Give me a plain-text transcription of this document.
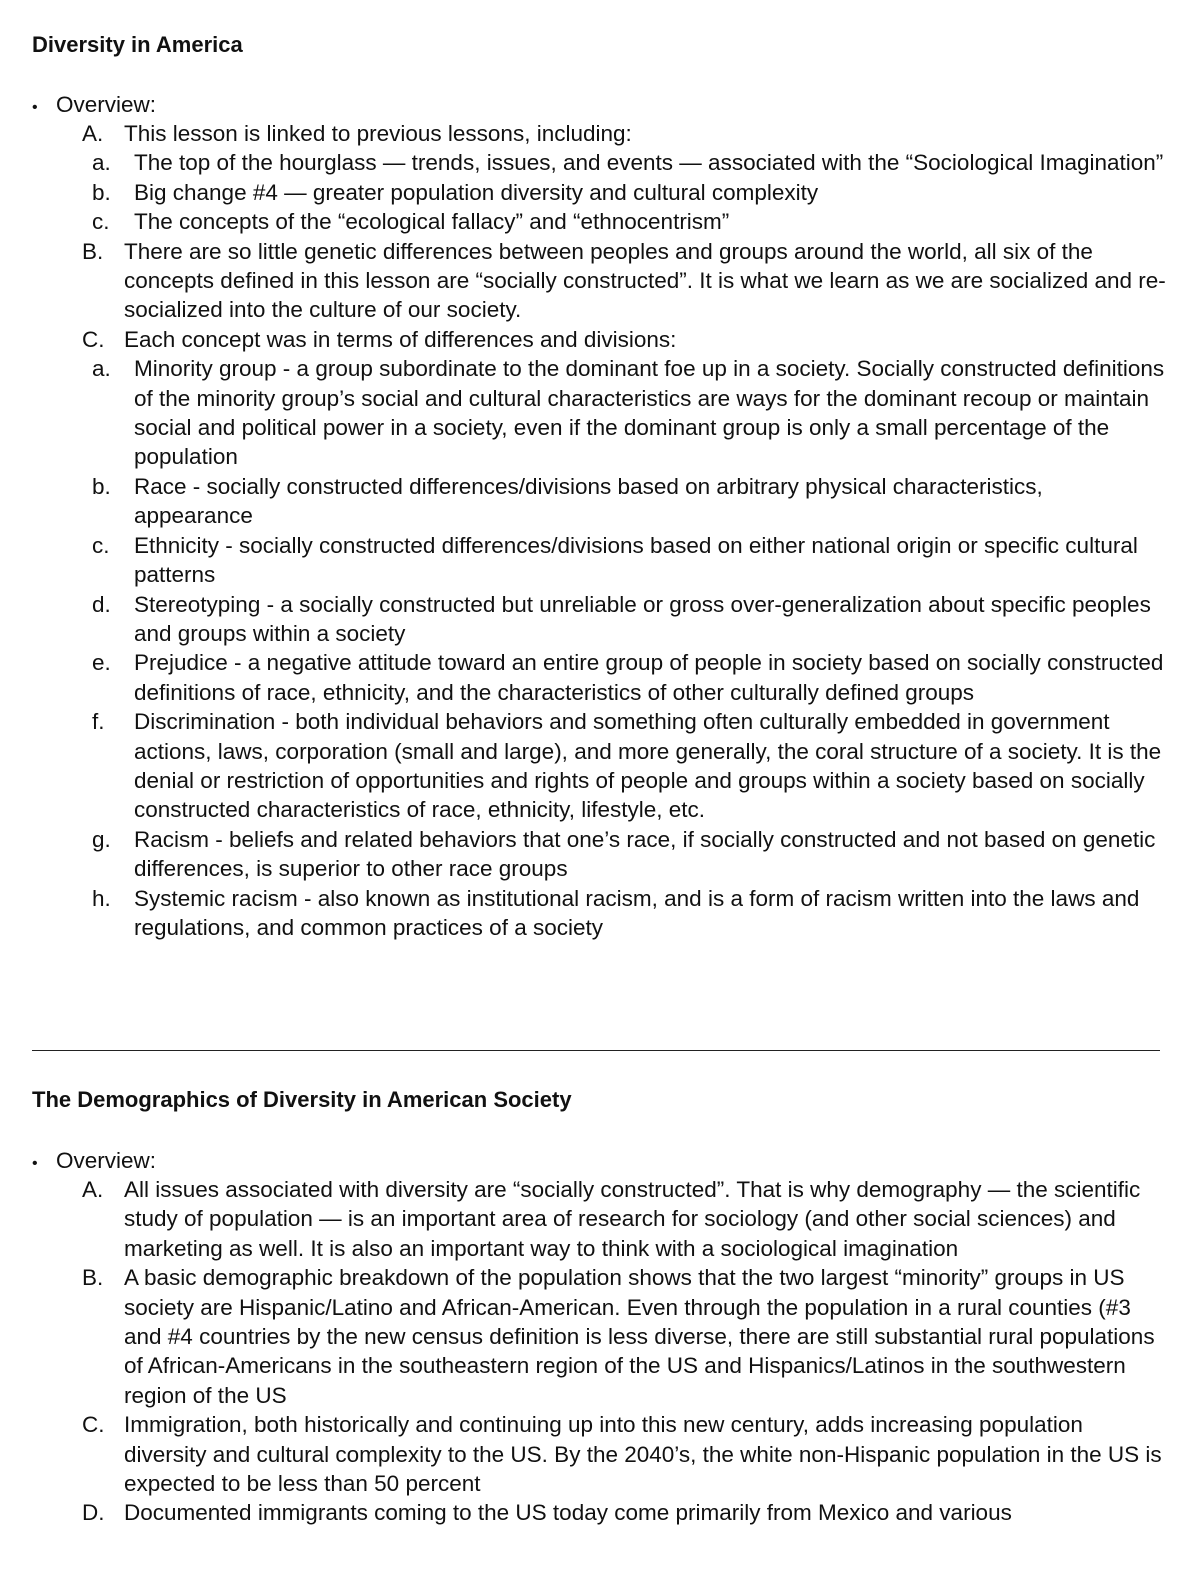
Diversity in America
• Overview:
A. This lesson is linked to previous lessons, including:
a.	The top of the hourglass — trends, issues, and events — associated with the “Sociological Imagination”
b.	Big change #4 — greater population diversity and cultural complexity
c.	The concepts of the “ecological fallacy” and “ethnocentrism”
B. There are so little genetic differences between peoples and groups around the world, all six of the concepts defined in this lesson are “socially constructed”. It is what we learn as we are socialized and re-socialized into the culture of our society.
C. Each concept was in terms of differences and divisions:
a.	Minority group - a group subordinate to the dominant foe up in a society. Socially constructed definitions of the minority group’s social and cultural characteristics are ways for the dominant recoup or maintain social and political power in a society, even if the dominant group is only a small percentage of the population
b.	Race - socially constructed differences/divisions based on arbitrary physical characteristics, appearance
c.	Ethnicity - socially constructed differences/divisions based on either national origin or specific cultural patterns
d.	Stereotyping - a socially constructed but unreliable or gross over-generalization about specific peoples and groups within a society
e.	Prejudice - a negative attitude toward an entire group of people in society based on socially constructed definitions of race, ethnicity, and the characteristics of other culturally defined groups
f.	Discrimination - both individual behaviors and something often culturally embedded in government actions, laws, corporation (small and large), and more generally, the coral structure of a society. It is the denial or restriction of opportunities and rights of people and groups within a society based on socially constructed characteristics of race, ethnicity, lifestyle, etc.
g.	Racism - beliefs and related behaviors that one’s race, if socially constructed and not based on genetic differences, is superior to other race groups
h.	Systemic racism - also known as institutional racism, and is a form of racism written into the laws and regulations, and common practices of a society
The Demographics of Diversity in American Society
• Overview:
A. All issues associated with diversity are “socially constructed”. That is why demography — the scientific study of population — is an important area of research for sociology (and other social sciences) and marketing as well. It is also an important way to think with a sociological imagination
B. A basic demographic breakdown of the population shows that the two largest “minority” groups in US society are Hispanic/Latino and African-American. Even through the population in a rural counties (#3 and #4 countries by the new census definition is less diverse, there are still substantial rural populations of African-Americans in the southeastern region of the US and Hispanics/Latinos in the southwestern region of the US
C. Immigration, both historically and continuing up into this new century, adds increasing population diversity and cultural complexity to the US. By the 2040’s, the white non-Hispanic population in the US is expected to be less than 50 percent
D. Documented immigrants coming to the US today come primarily from Mexico and various
